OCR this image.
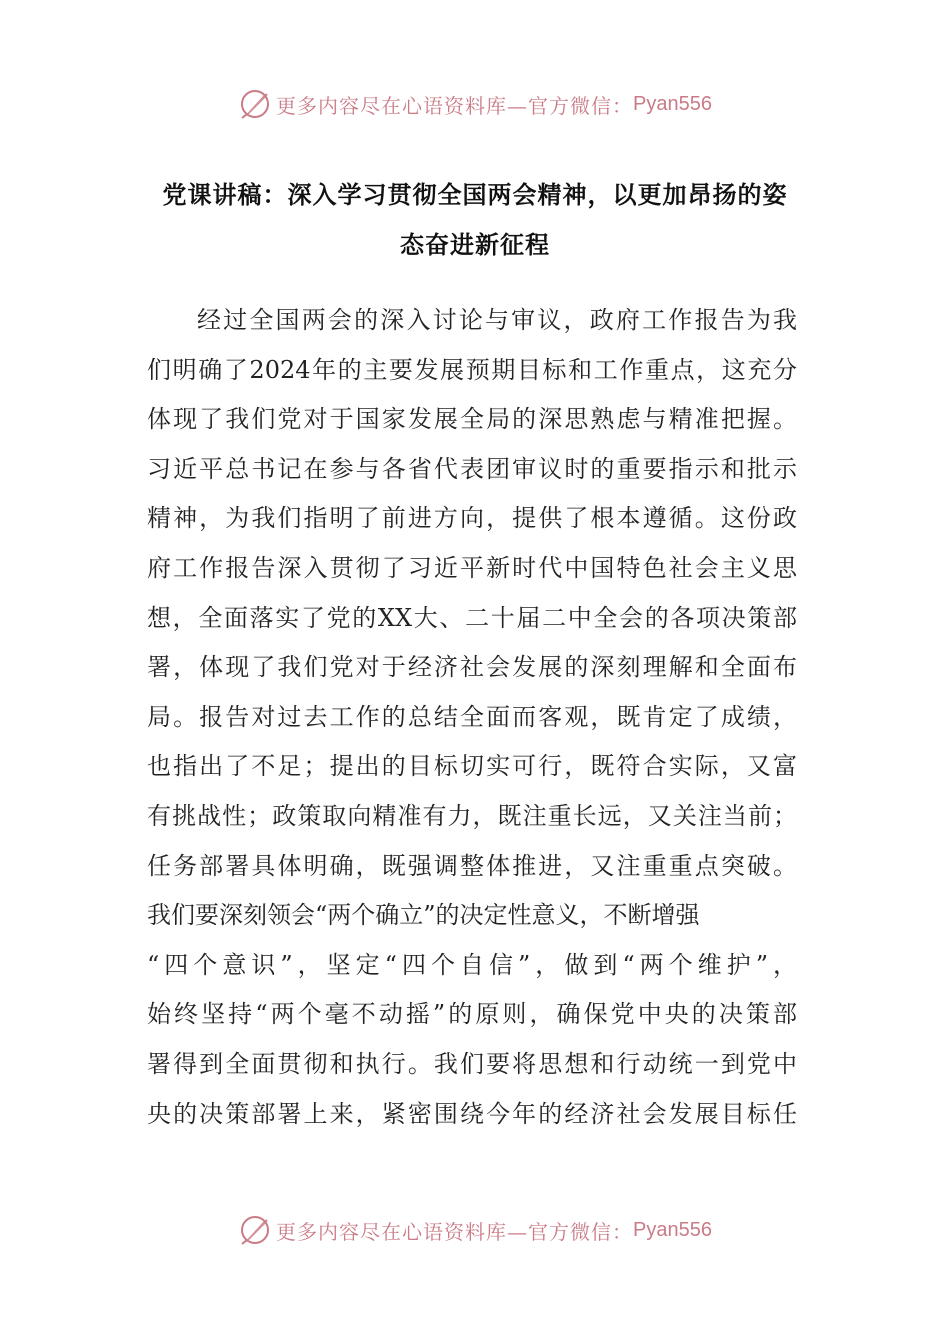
更多内容尽在心语资料库—官方微信： Pyan556
党课讲稿：深入学习贯彻全国两会精神，以更加昂扬的姿
态奋进新征程
经过全国两会的深入讨论与审议，政府工作报告为我
们明确了2024年的主要发展预期目标和工作重点，这充分
体现了我们党对于国家发展全局的深思熟虑与精准把握。
习近平总书记在参与各省代表团审议时的重要指示和批示
精神，为我们指明了前进方向，提供了根本遵循。这份政
府工作报告深入贯彻了习近平新时代中国特色社会主义思
想，全面落实了党的XX大、二十届二中全会的各项决策部
署，体现了我们党对于经济社会发展的深刻理解和全面布
局。报告对过去工作的总结全面而客观，既肯定了成绩，
也指出了不足；提出的目标切实可行，既符合实际，又富
有挑战性；政策取向精准有力，既注重长远，又关注当前；
任务部署具体明确，既强调整体推进，又注重重点突破。
我们要深刻领会“两个确立”的决定性意义，不断增强
“四个意识”，坚定“四个自信”，做到“两个维护”，
始终坚持“两个毫不动摇”的原则，确保党中央的决策部
署得到全面贯彻和执行。我们要将思想和行动统一到党中
央的决策部署上来，紧密围绕今年的经济社会发展目标任
更多内容尽在心语资料库—官方微信： Pyan556
